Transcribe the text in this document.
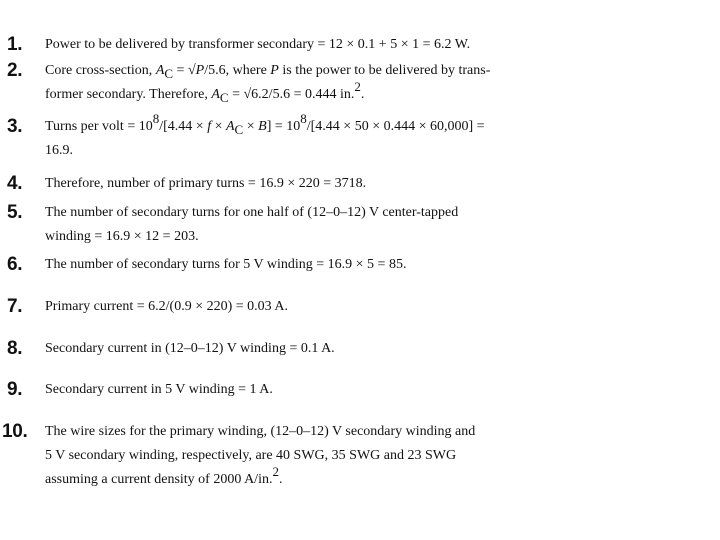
1. Power to be delivered by transformer secondary = 12 × 0.1 + 5 × 1 = 6.2 W.
2. Core cross-section, AC = √P/5.6, where P is the power to be delivered by trans-
former secondary. Therefore, AC = √6.2/5.6 = 0.444 in.2.
3. Turns per volt = 108/[4.44 × f × AC × B] = 108/[4.44 × 50 × 0.444 × 60,000] =
16.9.
4. Therefore, number of primary turns = 16.9 × 220 = 3718.
5. The number of secondary turns for one half of (12–0–12) V center-tapped
winding = 16.9 × 12 = 203.
6. The number of secondary turns for 5 V winding = 16.9 × 5 = 85.
7. Primary current = 6.2/(0.9 × 220) = 0.03 A.
8. Secondary current in (12–0–12) V winding = 0.1 A.
9. Secondary current in 5 V winding = 1 A.
10. The wire sizes for the primary winding, (12–0–12) V secondary winding and
5 V secondary winding, respectively, are 40 SWG, 35 SWG and 23 SWG
assuming a current density of 2000 A/in.2.
